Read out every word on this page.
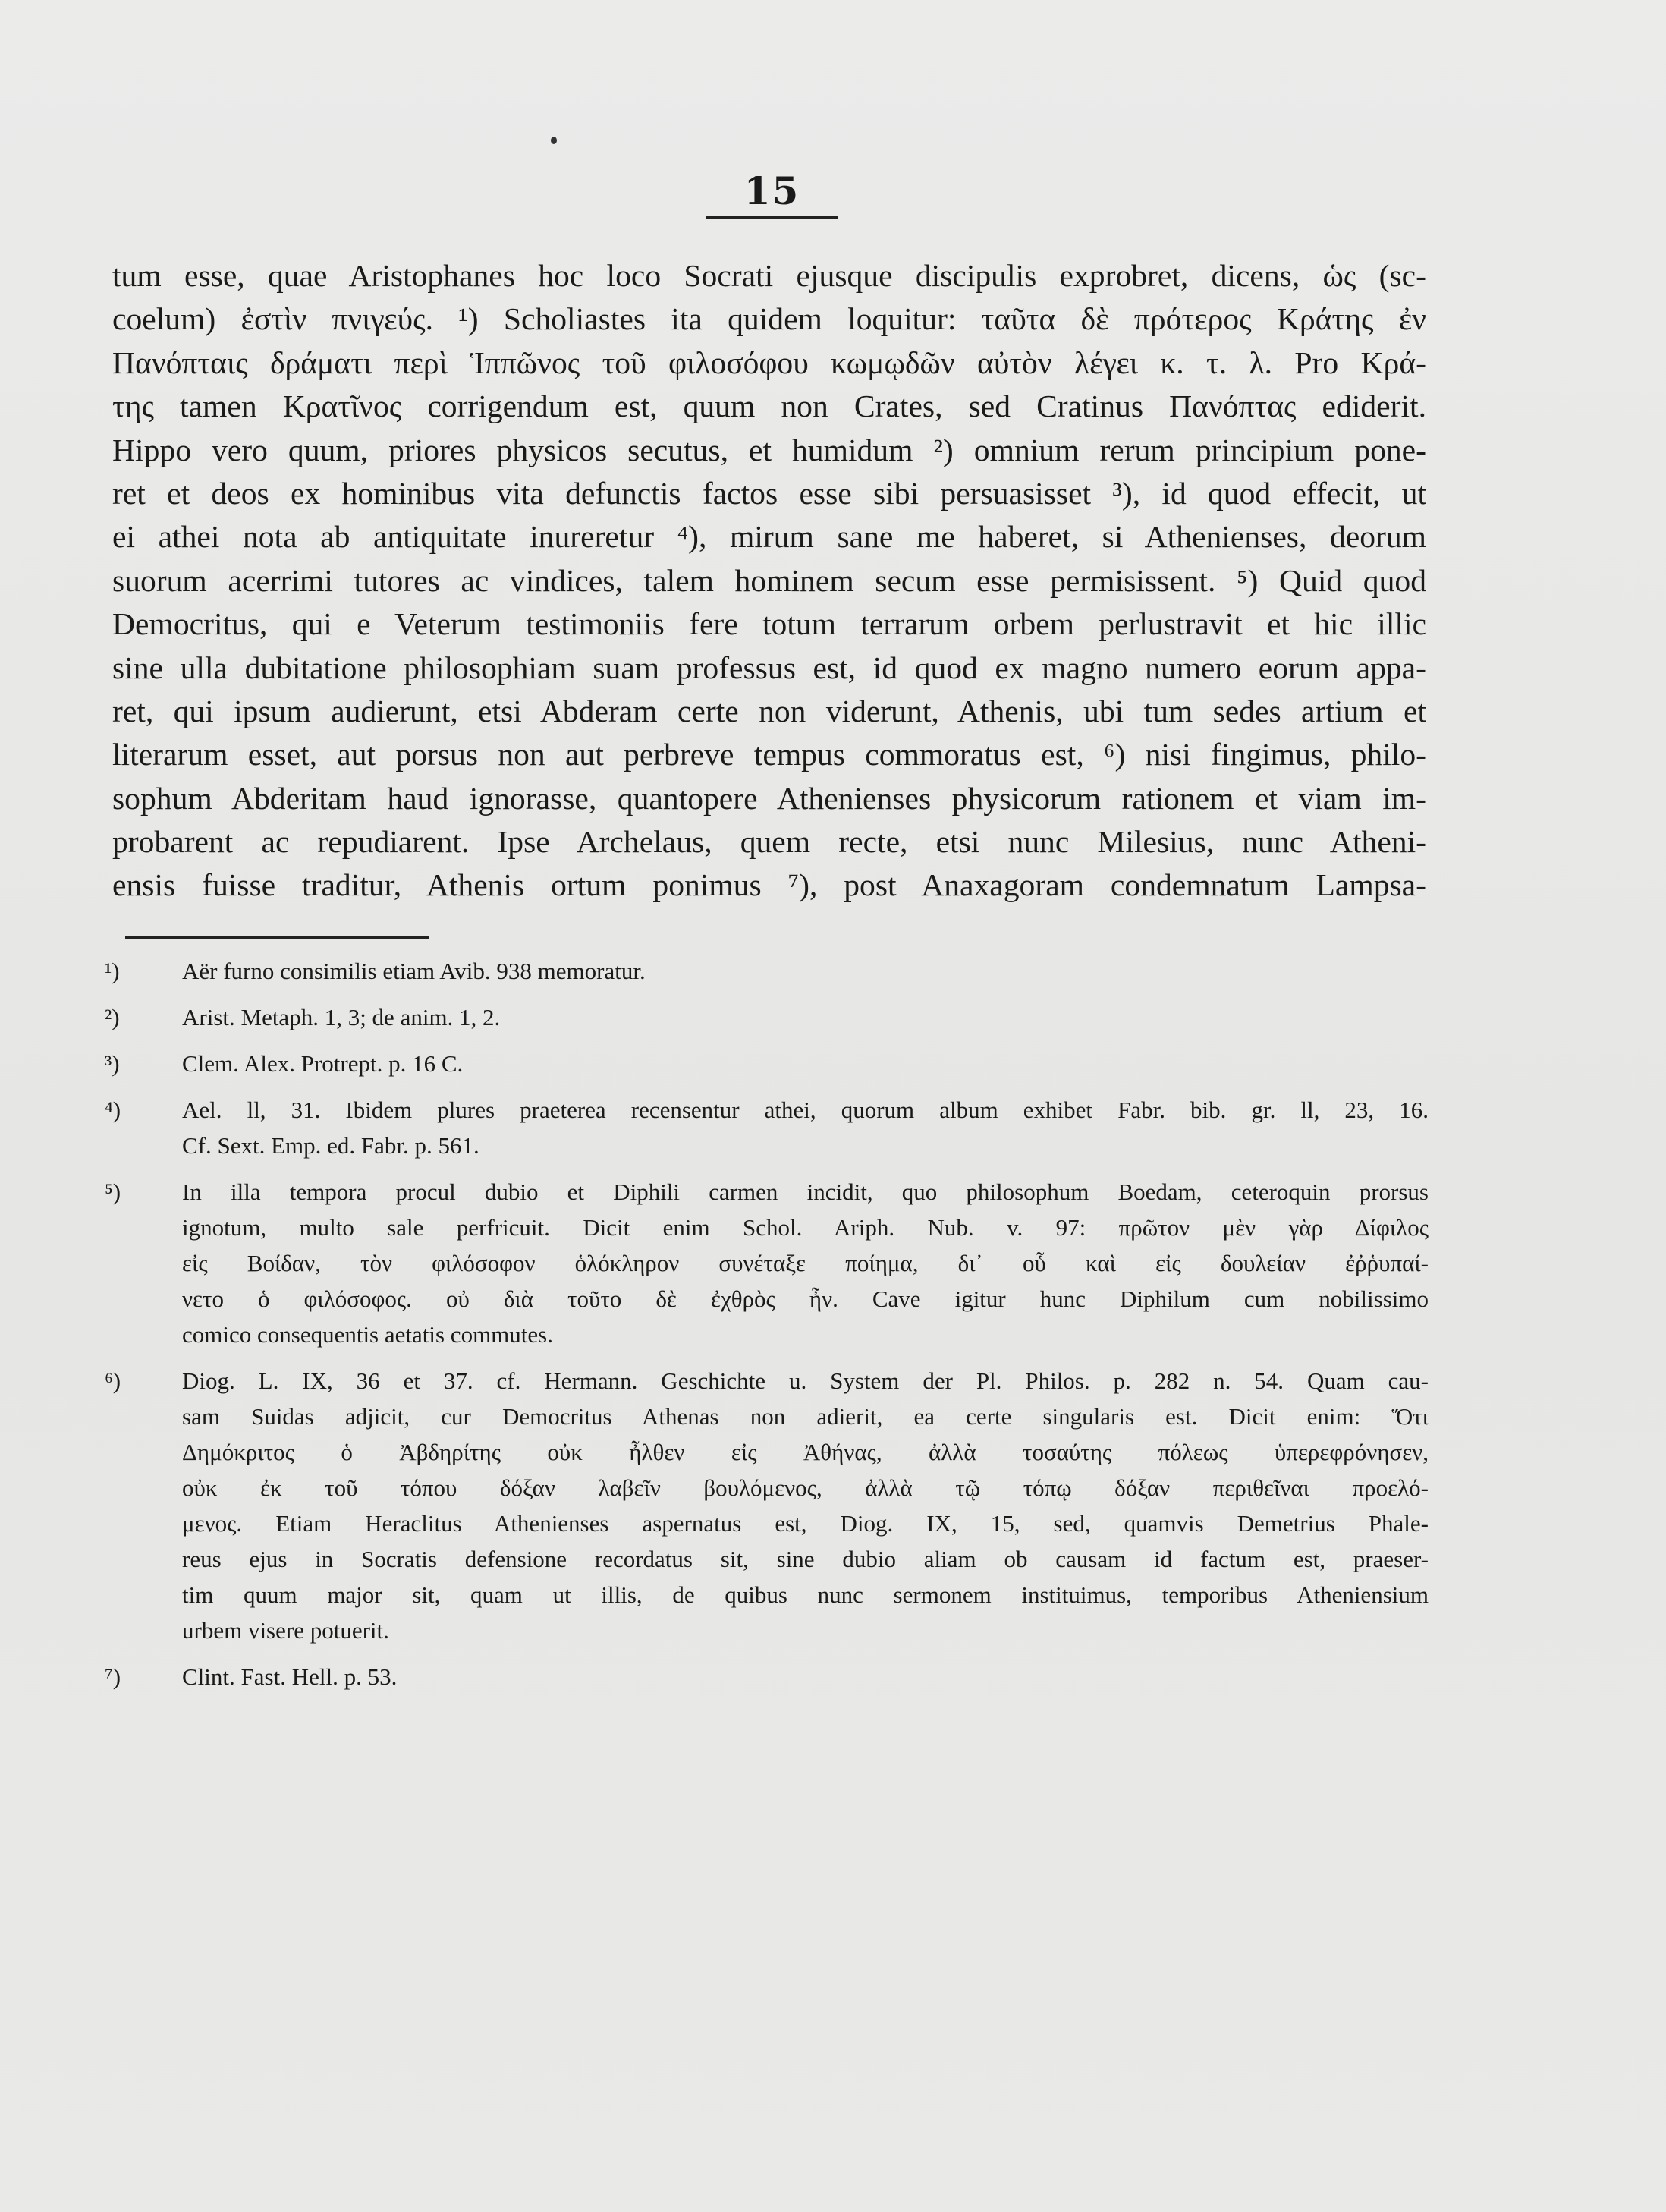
15
tum esse, quae Aristophanes hoc loco Socrati ejusque discipulis exprobret, dicens, ὡς (sc-
coelum) ἐστὶν πνιγεύς. ¹) Scholiastes ita quidem loquitur: ταῦτα δὲ πρότερος Κράτης ἐν
Πανόπταις δράματι περὶ Ἱππῶνος τοῦ φιλοσόφου κωμῳδῶν αὐτὸν λέγει κ. τ. λ. Pro Κρά-
της tamen Κρατῖνος corrigendum est, quum non Crates, sed Cratinus Πανόπτας ediderit.
Hippo vero quum, priores physicos secutus, et humidum ²) omnium rerum principium pone-
ret et deos ex hominibus vita defunctis factos esse sibi persuasisset ³), id quod effecit, ut
ei athei nota ab antiquitate inureretur ⁴), mirum sane me haberet, si Athenienses, deorum
suorum acerrimi tutores ac vindices, talem hominem secum esse permisissent. ⁵) Quid quod
Democritus, qui e Veterum testimoniis fere totum terrarum orbem perlustravit et hic illic
sine ulla dubitatione philosophiam suam professus est, id quod ex magno numero eorum appa-
ret, qui ipsum audierunt, etsi Abderam certe non viderunt, Athenis, ubi tum sedes artium et
literarum esset, aut porsus non aut perbreve tempus commoratus est, ⁶) nisi fingimus, philo-
sophum Abderitam haud ignorasse, quantopere Athenienses physicorum rationem et viam im-
probarent ac repudiarent. Ipse Archelaus, quem recte, etsi nunc Milesius, nunc Atheni-
ensis fuisse traditur, Athenis ortum ponimus ⁷), post Anaxagoram condemnatum Lampsa-
¹)	Aër furno consimilis etiam Avib. 938 memoratur.
²)	Arist. Metaph. 1, 3; de anim. 1, 2.
³)	Clem. Alex. Protrept. p. 16 C.
⁴)	Ael. ll, 31. Ibidem plures praeterea recensentur athei, quorum album exhibet Fabr. bib. gr. ll, 23, 16.
Cf. Sext. Emp. ed. Fabr. p. 561.
⁵)	In illa tempora procul dubio et Diphili carmen incidit, quo philosophum Boedam, ceteroquin prorsus
ignotum, multo sale perfricuit. Dicit enim Schol. Ariph. Nub. v. 97: πρῶτον μὲν γὰρ Δίφιλος
εἰς Βοίδαν, τὸν φιλόσοφον ὁλόκληρον συνέταξε ποίημα, δι᾽ οὗ καὶ εἰς δουλείαν ἐῤῥυπαί-
νετο ὁ φιλόσοφος. οὐ διὰ τοῦτο δὲ ἐχθρὸς ἦν. Cave igitur hunc Diphilum cum nobilissimo
comico consequentis aetatis commutes.
⁶)	Diog. L. IX, 36 et 37. cf. Hermann. Geschichte u. System der Pl. Philos. p. 282 n. 54. Quam cau-
sam Suidas adjicit, cur Democritus Athenas non adierit, ea certe singularis est. Dicit enim: Ὅτι
Δημόκριτος ὁ Ἀβδηρίτης οὐκ ἦλθεν εἰς Ἀθήνας, ἀλλὰ τοσαύτης πόλεως ὑπερεφρόνησεν,
οὐκ ἐκ τοῦ τόπου δόξαν λαβεῖν βουλόμενος, ἀλλὰ τῷ τόπῳ δόξαν περιθεῖναι προελό-
μενος. Etiam Heraclitus Athenienses aspernatus est, Diog. IX, 15, sed, quamvis Demetrius Phale-
reus ejus in Socratis defensione recordatus sit, sine dubio aliam ob causam id factum est, praeser-
tim quum major sit, quam ut illis, de quibus nunc sermonem instituimus, temporibus Atheniensium
urbem visere potuerit.
⁷)	Clint. Fast. Hell. p. 53.
